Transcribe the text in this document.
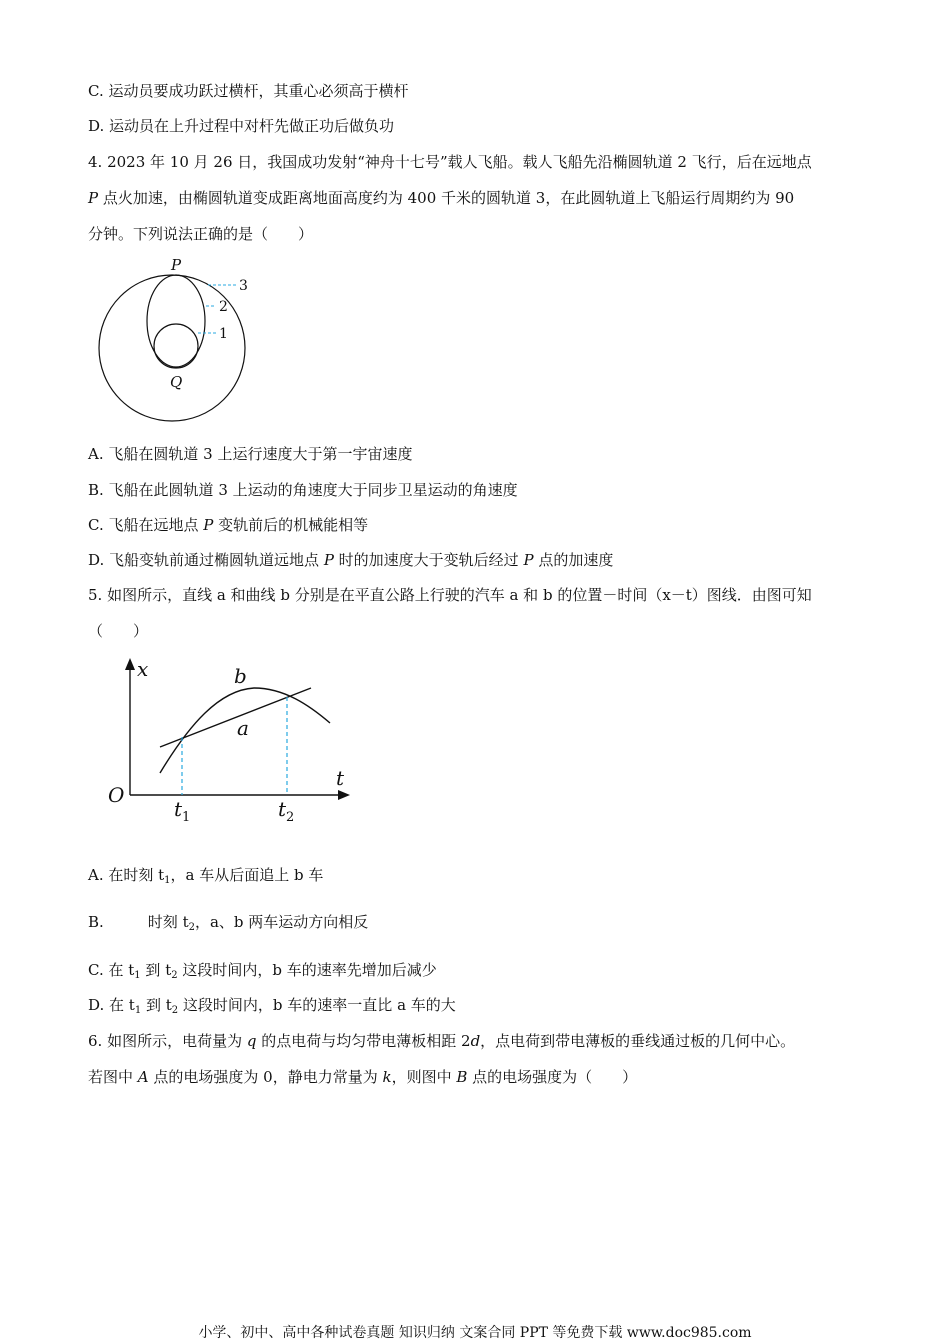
C. 运动员要成功跃过横杆，其重心必须高于横杆
D. 运动员在上升过程中对杆先做正功后做负功
4. 2023 年 10 月 26 日，我国成功发射“神舟十七号”载人飞船。载人飞船先沿椭圆轨道 2 飞行，后在远地点
P 点火加速，由椭圆轨道变成距离地面高度约为 400 千米的圆轨道 3，在此圆轨道上飞船运行周期约为 90
分钟。下列说法正确的是（　　）
P
3
2
1
Q
A. 飞船在圆轨道 3 上运行速度大于第一宇宙速度
B. 飞船在此圆轨道 3 上运动的角速度大于同步卫星运动的角速度
C. 飞船在远地点 P 变轨前后的机械能相等
D. 飞船变轨前通过椭圆轨道远地点 P 时的加速度大于变轨后经过 P 点的加速度
5. 如图所示，直线 a 和曲线 b 分别是在平直公路上行驶的汽车 a 和 b 的位置－时间（x－t）图线．由图可知
（　　）
x
t
O
b
a
$t_1$	$t_2$
A. 在时刻 $t_1$，a 车从后面追上 b 车
B.	时刻 $t_2$，a、b 两车运动方向相反
C. 在 $t_1$ 到 $t_2$ 这段时间内，b 车的速率先增加后减少
D. 在 $t_1$ 到 $t_2$ 这段时间内，b 车的速率一直比 a 车的大
6. 如图所示，电荷量为 q 的点电荷与均匀带电薄板相距 2d，点电荷到带电薄板的垂线通过板的几何中心。
若图中 A 点的电场强度为 0，静电力常量为 k，则图中 B 点的电场强度为（　　）
小学、初中、高中各种试卷真题 知识归纳 文案合同 PPT 等免费下载 www.doc985.com
